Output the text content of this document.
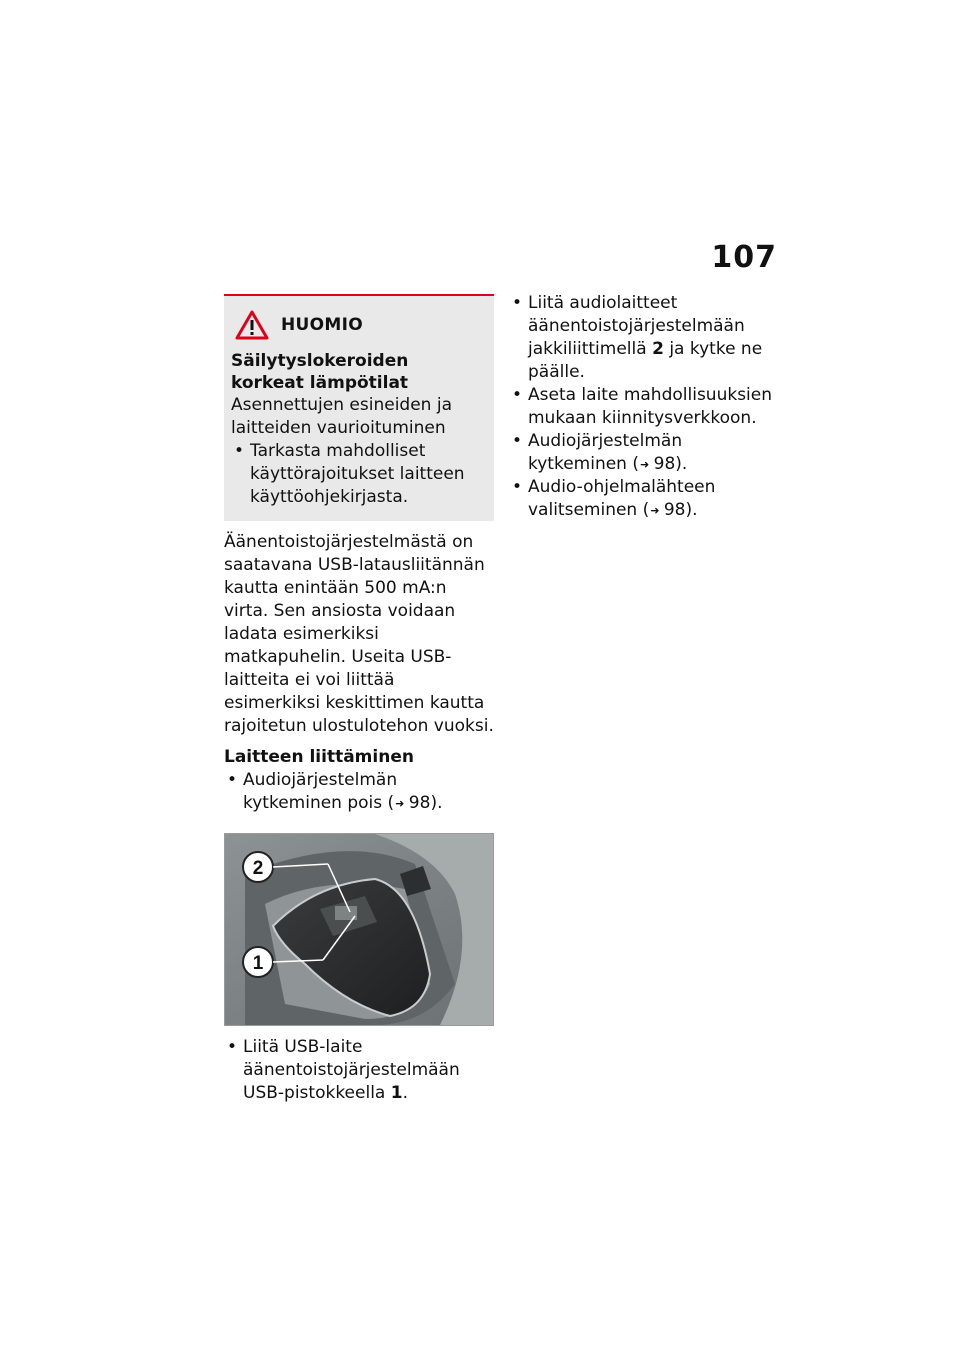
107
HUOMIO
Säilytyslokeroiden korkeat lämpötilat
Asennettujen esineiden ja laitteiden vaurioituminen
• Tarkasta mahdolliset käyttörajoitukset laitteen käyttöohjekirjasta.
Äänentoistojärjestelmästä on saatavana USB-latausliitännän kautta enintään 500 mA:n virta. Sen ansiosta voidaan ladata esimerkiksi matkapuhelin. Useita USB-laitteita ei voi liittää esimerkiksi keskittimen kautta rajoitetun ulostulotehon vuoksi.
Laitteen liittäminen
• Audiojärjestelmän kytkeminen pois (➜  98).
2
1
• Liitä USB-laite äänentoistojärjestelmään USB-pistokkeella 1.
• Liitä audiolaitteet äänentoistojärjestelmään jakkiliittimellä 2 ja kytke ne päälle.
• Aseta laite mahdollisuuksien mukaan kiinnitysverkkoon.
• Audiojärjestelmän kytkeminen (➜  98).
• Audio-ohjelmalähteen valitseminen (➜  98).
